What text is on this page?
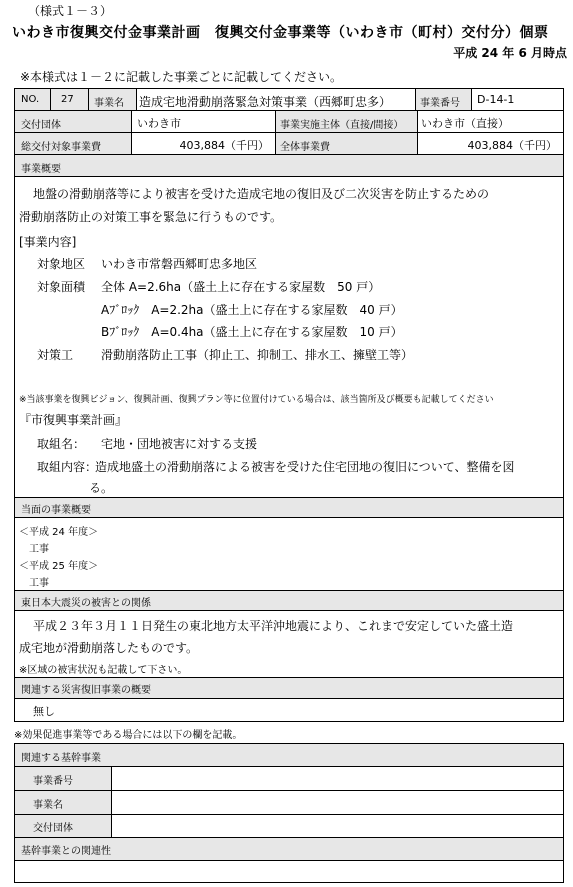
（様式１－３）
いわき市復興交付金事業計画　復興交付金事業等（いわき市（町村）交付分）個票
平成 24 年 6 月時点
※本様式は１－２に記載した事業ごとに記載してください。
NO. 27 事業名 造成宅地滑動崩落緊急対策事業（西郷町忠多）	事業番号 D-14-1
交付団体	いわき市	事業実施主体（直接/間接） いわき市（直接）
総交付対象事業費	403,884（千円） 全体事業費	403,884（千円）
事業概要
地盤の滑動崩落等により被害を受けた造成宅地の復旧及び二次災害を防止するための
滑動崩落防止の対策工事を緊急に行うものです。
[事業内容]
対象地区 いわき市常磐西郷町忠多地区
対象面積 全体 A=2.6ha（盛土上に存在する家屋数　50 戸）
Aﾌﾞﾛｯｸ　A=2.2ha（盛土上に存在する家屋数　40 戸）
Bﾌﾞﾛｯｸ　A=0.4ha（盛土上に存在する家屋数　10 戸）
対策工 滑動崩落防止工事（抑止工、抑制工、排水工、擁壁工等）
※当該事業を復興ビジョン、復興計画、復興プラン等に位置付けている場合は、該当箇所及び概要も記載してください
『市復興事業計画』
取組名： 宅地・団地被害に対する支援
取組内容：
造成地盛土の滑動崩落による被害を受けた住宅団地の復旧について、整備を図
る。
当面の事業概要
＜平成 24 年度＞
工事
＜平成 25 年度＞
工事
東日本大震災の被害との関係
平成２３年３月１１日発生の東北地方太平洋沖地震により、これまで安定していた盛土造
成宅地が滑動崩落したものです。
※区域の被害状況も記載して下さい。
関連する災害復旧事業の概要
無し
※効果促進事業等である場合には以下の欄を記載。
関連する基幹事業
事業番号
事業名
交付団体
基幹事業との関連性
